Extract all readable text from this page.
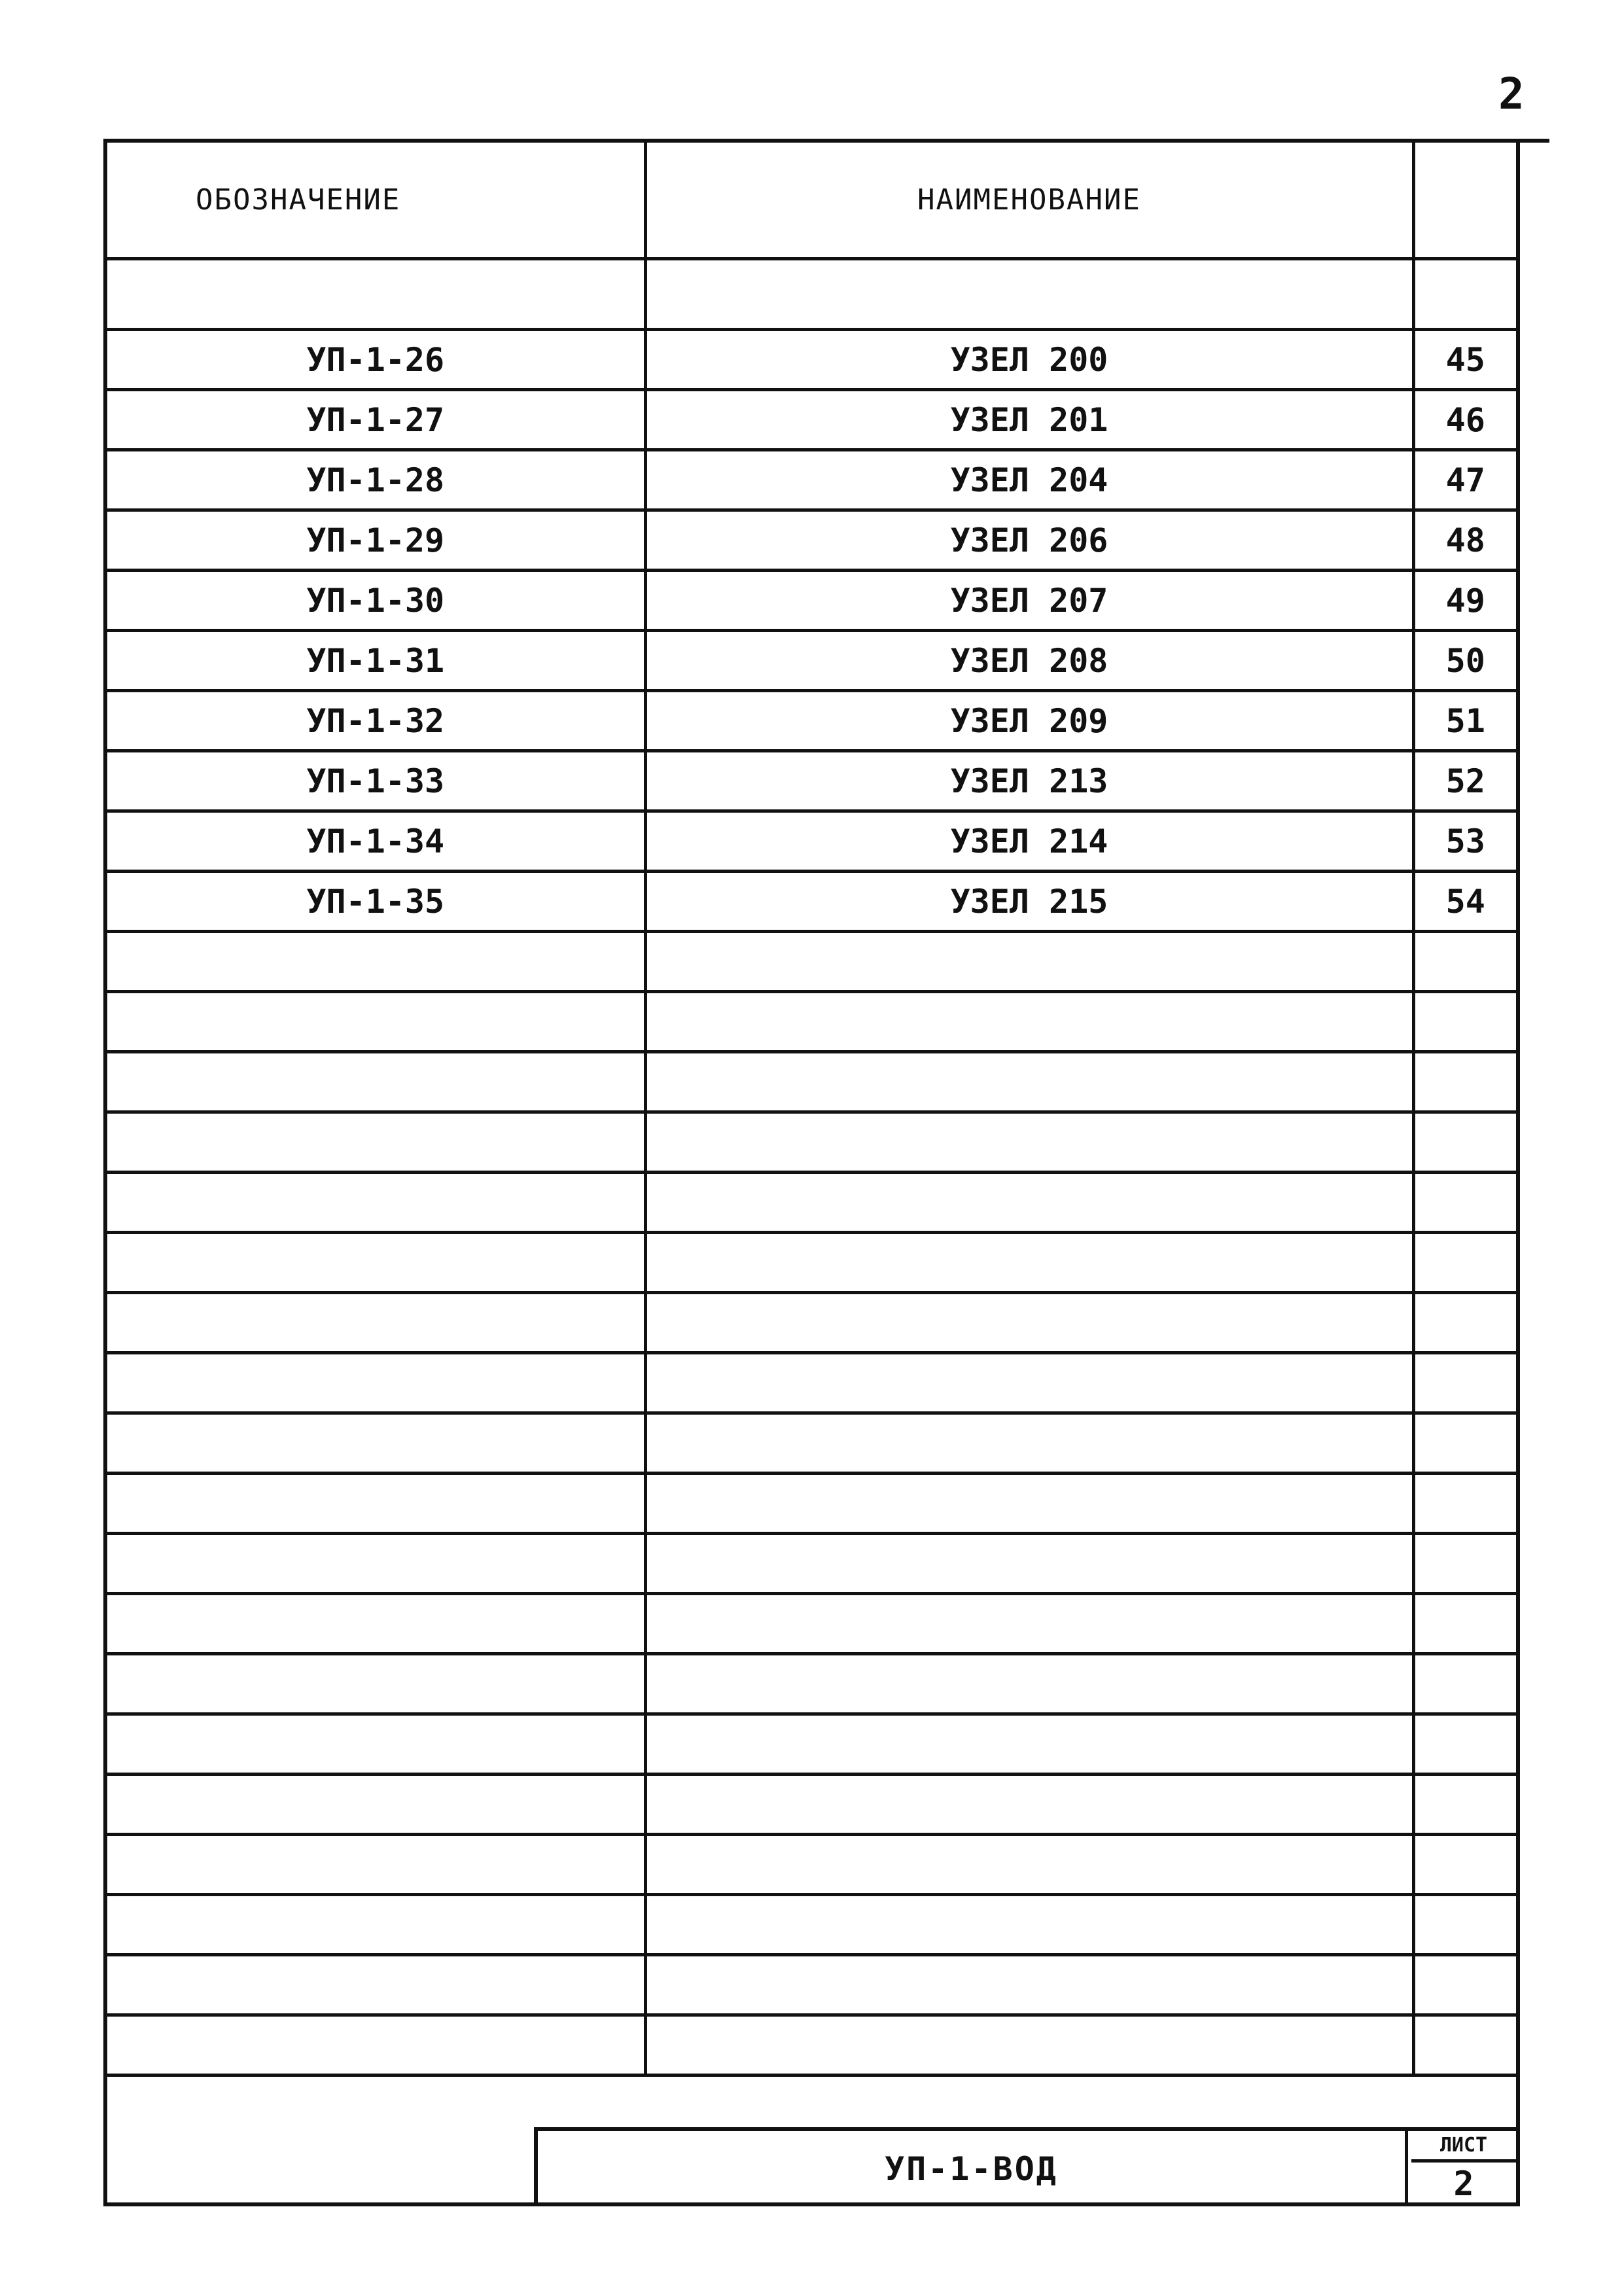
2
ОБОЗНАЧЕНИЕ	НАИМЕНОВАНИЕ	

УП-1-26	УЗЕЛ 200	45
УП-1-27	УЗЕЛ 201	46
УП-1-28	УЗЕЛ 204	47
УП-1-29	УЗЕЛ 206	48
УП-1-30	УЗЕЛ 207	49
УП-1-31	УЗЕЛ 208	50
УП-1-32	УЗЕЛ 209	51
УП-1-33	УЗЕЛ 213	52
УП-1-34	УЗЕЛ 214	53
УП-1-35	УЗЕЛ 215	54

УП-1-ВОД
ЛИСТ
2
